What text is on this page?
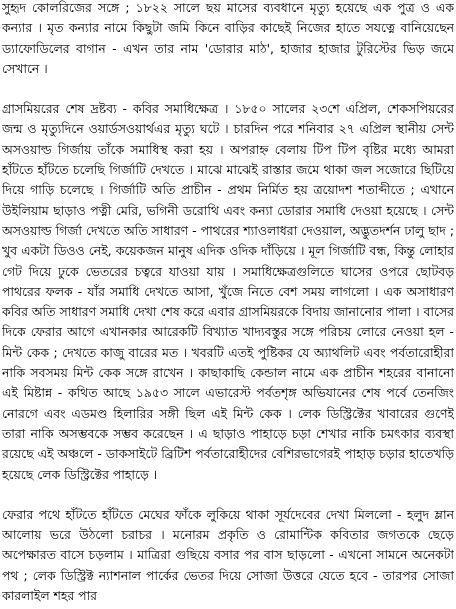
সুহৃদ কোলরিজের সঙ্গে ; ১৮২২ সালে ছয় মাসের ব্যবধানে মৃত্যু হয়েছে এক পুত্র ও এক কন্যার । মৃত কন্যার নামে কিছুটা জমি কিনে বাড়ির কাছেই নিজের হাতে সযত্নে বানিয়েছেন ড্যাফোডিলের বাগান - এখন তার নাম 'ডোরার মাঠ', হাজার হাজার টুরিস্টের ভিড় জমে সেখানে ।

গ্রাসমিয়রের শেষ দ্রষ্টব্য - কবির সমাধিক্ষেত্র । ১৮৫০ সালের ২৩শে এপ্রিল, শেকসপিয়রের জন্ম ও মৃত্যুদিনে ওয়ার্ডসওয়ার্থএর মৃত্যু ঘটে । চারদিন পরে শনিবার ২৭ এপ্রিল স্থানীয় সেন্ট অসওয়াল্ড গির্জায় তাঁকে সমাধিস্থ করা হয় । অপরাহ্ন বেলায় টিপ টিপ বৃষ্টির মধ্যে আমরা হাঁটতে হাঁটতে চলেছি গির্জাটি দেখতে । মাঝে মাঝেই রাস্তার জমে থাকা জল সজোরে ছিটিয়ে দিয়ে গাড়ি চলেছে । গির্জাটি অতি প্রাচীন - প্রথম নির্মিত হয় ত্রয়োদশ শতাব্দীতে ; এখানে উইলিয়াম ছাড়াও পত্নী মেরি, ভগিনী ডরোথি এবং কন্যা ডোরার সমাধি দেওয়া হয়েছে । সেন্ট অসওয়াল্ড গির্জা দেখতে অতি সাধারণ - পাথরের শ্যাওলাধরা দেওয়াল, অদ্ভুতদর্শন ঢালু ছাদ ; খুব একটা ডিওও নেই, কয়েকজন মানুষ এদিক ওদিক দাঁড়িয়ে । মূল গির্জাটি বন্ধ, কিন্তু লোহার গেট দিয়ে ঢুকে ভেতরের চত্বরে যাওয়া যায় । সমাধিক্ষেত্রগুলিতে ঘাসের ওপরে ছোটবড় পাথরের ফলক - যাঁর সমাধি দেখতে আসা, খুঁজে নিতে বেশ সময় লাগলো । এক অসাধারণ কবির অতি সাধারণ সমাধি দেখা শেষ করে এবার গ্রাসমিয়রকে বিদায় জানানোর পালা । বাসের দিকে ফেরার আগে এখানকার আরেকটি বিখ্যাত খাদ্যবস্তুর সঙ্গে পরিচয় লোরে নেওয়া হল - মিন্ট কেক ; দেখতে কাজু বারের মত । খবরটি এতই পুষ্টিকর যে অ্যাথলিট এবং পর্বতারোহীরা নাকি সবসময় মিন্ট কেক সঙ্গে রাখেন । কাছাকাছি কেন্ডাল নামে এক প্রাচীন শহরের বানানো এই মিষ্টান্ন - কথিত আছে ১৯৫৩ সালে এভারেস্ট পর্বতশৃঙ্গ অভিযানের শেষ পর্বে তেনজিং নোরগে এবং এডমণ্ড হিলারির সঙ্গী ছিল এই মিন্ট কেক । লেক ডিস্ট্রিক্টের খাবারের গুণেই তারা নাকি অসম্ভবকে সম্ভব করেছেন । এ ছাড়াও পাহাড়ে চড়া শেখার নাকি চমৎকার ব্যবস্থা রয়েছে এই অঞ্চলে - ডাকসাইটে ব্রিটিশ পর্বতারোহীদের বেশিরভাগেরই পাহাড় চড়ার হাতেখড়ি হয়েছে লেক ডিস্ট্রিক্টের পাহাড়ে ।

ফেরার পথে হাঁটতে হাঁটতে মেঘের ফাঁকে লুকিয়ে থাকা সূর্যদেবের দেখা মিললো - হলুদ ম্লান আলোয় ভরে উঠলো চরাচর । মনোরম প্রকৃতি ও রোমান্টিক কবিতার জগতকে ছেড়ে অপেক্ষারত বাসে চড়লাম । মাত্রিরা গুছিয়ে বসার পর বাস ছাড়লো - এখনো সামনে অনেকটা পথ ; লেক ডিস্ট্রিক্ট ন্যাশনাল পার্কের ভেতর দিয়ে সোজা উত্তরে যেতে হবে - তারপর সোজা কারলাইল শহর পার
